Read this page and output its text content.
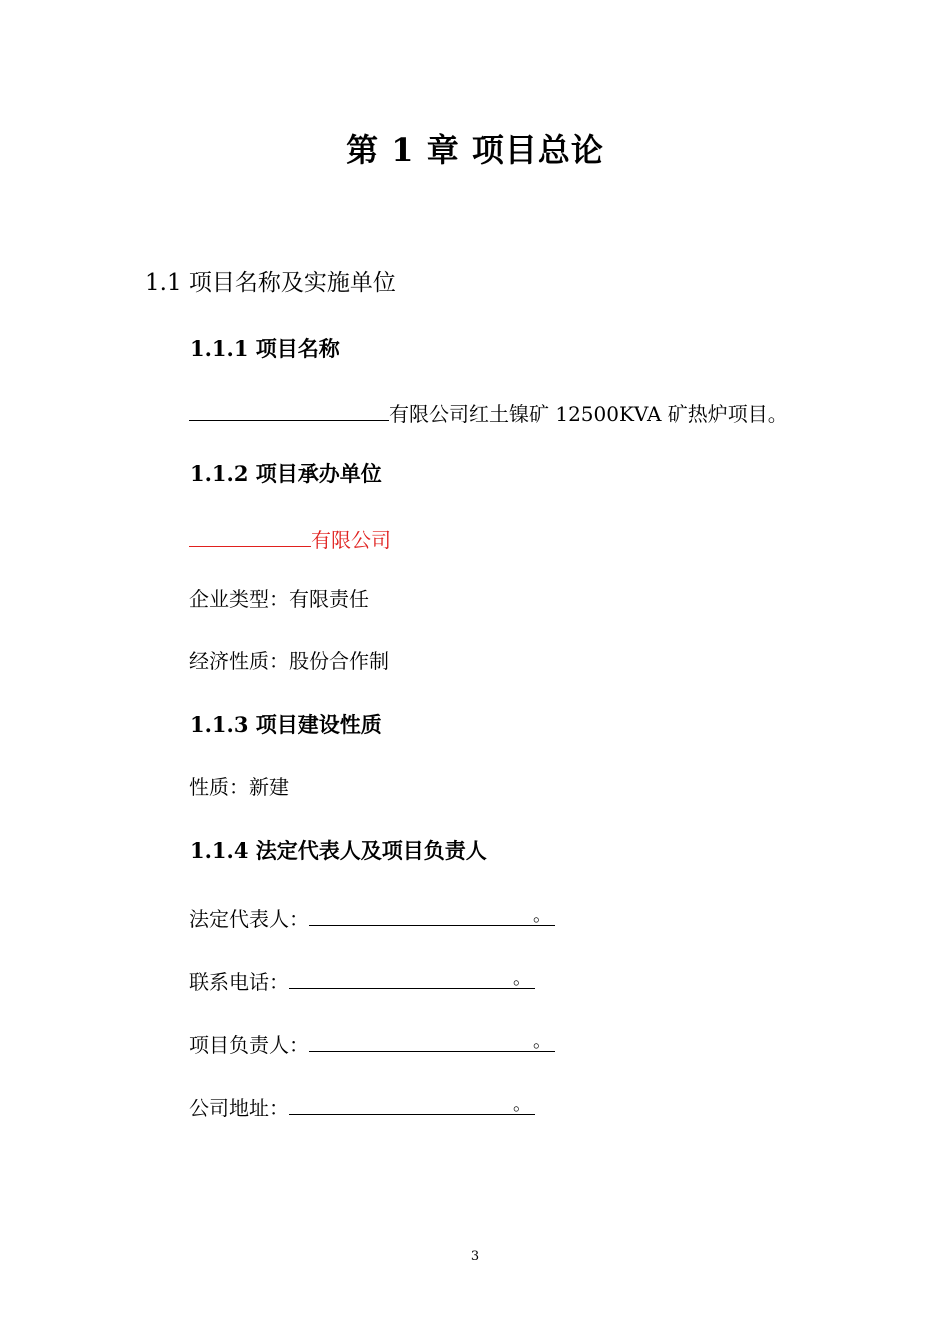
第 1 章 项目总论
1.1 项目名称及实施单位
1.1.1 项目名称
有限公司红土镍矿 12500KVA 矿热炉项目。
1.1.2 项目承办单位
有限公司
企业类型：有限责任
经济性质：股份合作制
1.1.3 项目建设性质
性质：新建
1.1.4 法定代表人及项目负责人
法定代表人：	。
联系电话：	。
项目负责人：	。
公司地址：	。
3
